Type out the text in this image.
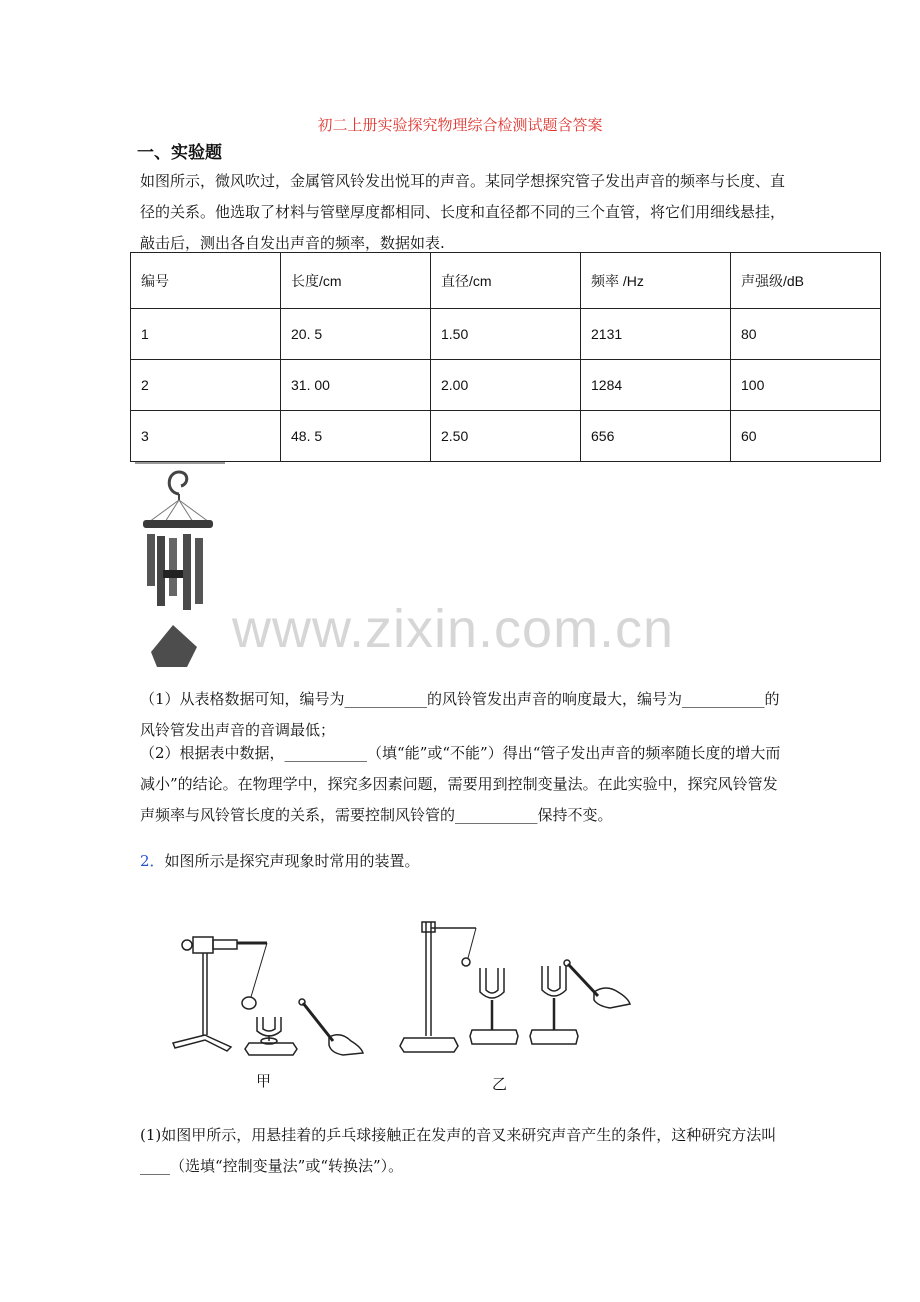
初二上册实验探究物理综合检测试题含答案
一、实验题
如图所示，微风吹过，金属管风铃发出悦耳的声音。某同学想探究管子发出声音的频率与长度、直径的关系。他选取了材料与管壁厚度都相同、长度和直径都不同的三个直管，将它们用细线悬挂，敲击后，测出各自发出声音的频率，数据如表.
编号	长度/cm	直径/cm	频率 /Hz	声强级/dB
1	20. 5	1.50	2131	80
2	31. 00	2.00	1284	100
3	48. 5	2.50	656	60
www.zixin.com.cn
（1）从表格数据可知，编号为___________的风铃管发出声音的响度最大，编号为___________的风铃管发出声音的音调最低；
（2）根据表中数据，___________（填“能”或“不能”）得出“管子发出声音的频率随长度的增大而减小”的结论。在物理学中，探究多因素问题，需要用到控制变量法。在此实验中，探究风铃管发声频率与风铃管长度的关系，需要控制风铃管的___________保持不变。
2．如图所示是探究声现象时常用的装置。
甲	乙
(1)如图甲所示，用悬挂着的乒乓球接触正在发声的音叉来研究声音产生的条件，这种研究方法叫____（选填“控制变量法”或“转换法”）。
